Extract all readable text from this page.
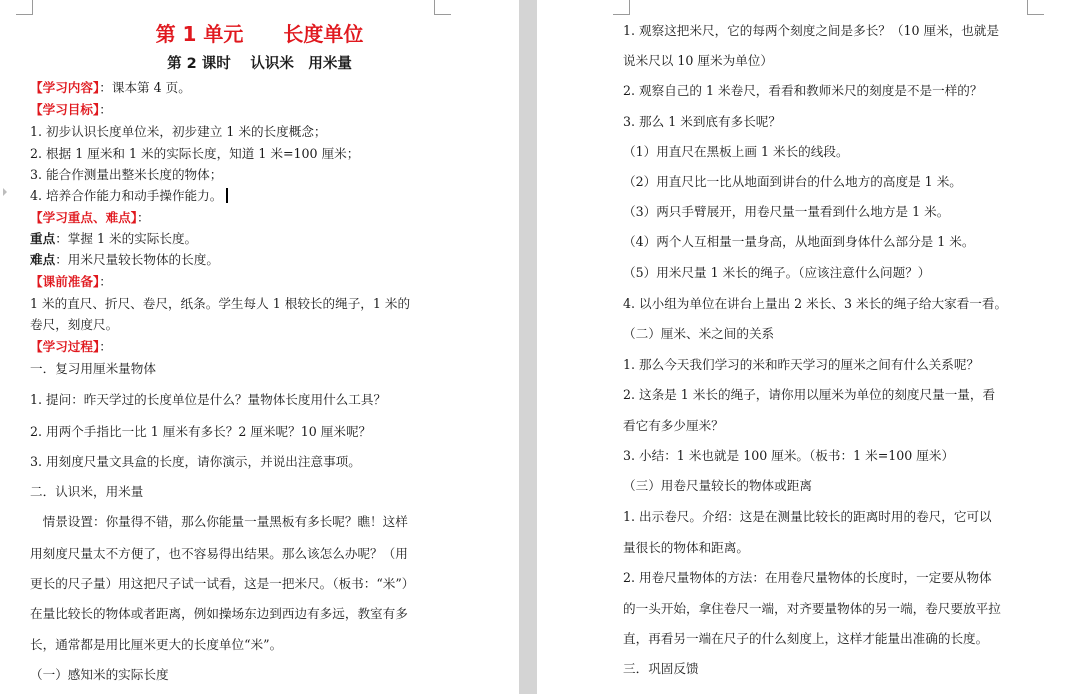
第 1 单元　　长度单位
第 2 课时　 认识米　用米量
【学习内容】：课本第 4 页。
【学习目标】：
1. 初步认识长度单位米，初步建立 1 米的长度概念；
2. 根据 1 厘米和 1 米的实际长度，知道 1 米=100 厘米；
3. 能合作测量出整米长度的物体；
4. 培养合作能力和动手操作能力。
【学习重点、难点】：
重点：掌握 1 米的实际长度。
难点：用米尺量较长物体的长度。
【课前准备】：
1 米的直尺、折尺、卷尺，纸条。学生每人 1 根较长的绳子，1 米的
卷尺，刻度尺。
【学习过程】：
一．复习用厘米量物体
1. 提问：昨天学过的长度单位是什么？量物体长度用什么工具？
2. 用两个手指比一比 1 厘米有多长？2 厘米呢？10 厘米呢？
3. 用刻度尺量文具盒的长度，请你演示，并说出注意事项。
二．认识米，用米量
　情景设置：你量得不错，那么你能量一量黑板有多长呢？瞧！这样
用刻度尺量太不方便了，也不容易得出结果。那么该怎么办呢？（用
更长的尺子量）用这把尺子试一试看，这是一把米尺。（板书：“米”）
在量比较长的物体或者距离，例如操场东边到西边有多远，教室有多
长，通常都是用比厘米更大的长度单位“米”。
（一）感知米的实际长度
1. 观察这把米尺，它的每两个刻度之间是多长？（10 厘米，也就是
说米尺以 10 厘米为单位）
2. 观察自己的 1 米卷尺，看看和教师米尺的刻度是不是一样的？
3. 那么 1 米到底有多长呢？
（1）用直尺在黑板上画 1 米长的线段。
（2）用直尺比一比从地面到讲台的什么地方的高度是 1 米。
（3）两只手臂展开，用卷尺量一量看到什么地方是 1 米。
（4）两个人互相量一量身高，从地面到身体什么部分是 1 米。
（5）用米尺量 1 米长的绳子。（应该注意什么问题？）
4. 以小组为单位在讲台上量出 2 米长、3 米长的绳子给大家看一看。
（二）厘米、米之间的关系
1. 那么今天我们学习的米和昨天学习的厘米之间有什么关系呢？
2. 这条是 1 米长的绳子，请你用以厘米为单位的刻度尺量一量，看
看它有多少厘米？
3. 小结：1 米也就是 100 厘米。（板书：1 米=100 厘米）
（三）用卷尺量较长的物体或距离
1. 出示卷尺。介绍：这是在测量比较长的距离时用的卷尺，它可以
量很长的物体和距离。
2. 用卷尺量物体的方法：在用卷尺量物体的长度时，一定要从物体
的一头开始，拿住卷尺一端，对齐要量物体的另一端，卷尺要放平拉
直，再看另一端在尺子的什么刻度上，这样才能量出准确的长度。
三．巩固反馈
